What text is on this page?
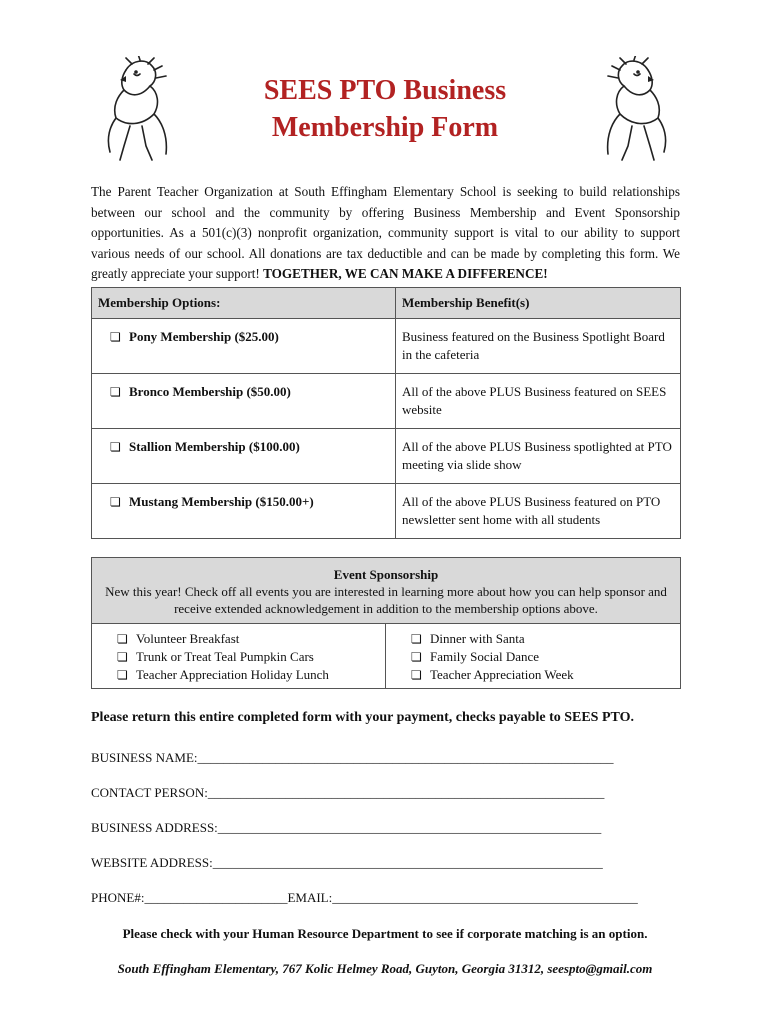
SEES PTO Business
Membership Form
The Parent Teacher Organization at South Effingham Elementary School is seeking to build relationships between our school and the community by offering Business Membership and Event Sponsorship opportunities. As a 501(c)(3) nonprofit organization, community support is vital to our ability to support various needs of our school. All donations are tax deductible and can be made by completing this form. We greatly appreciate your support! TOGETHER, WE CAN MAKE A DIFFERENCE!
Membership Options:	Membership Benefit(s)
❏ Pony Membership ($25.00)	Business featured on the Business Spotlight Board in the cafeteria
❏ Bronco Membership ($50.00)	All of the above PLUS Business featured on SEES website
❏ Stallion Membership ($100.00)	All of the above PLUS Business spotlighted at PTO meeting via slide show
❏ Mustang Membership ($150.00+)	All of the above PLUS Business featured on PTO newsletter sent home with all students
Event Sponsorship
New this year! Check off all events you are interested in learning more about how you can help sponsor and receive extended acknowledgement in addition to the membership options above.

❏ Volunteer Breakfast
❏ Trunk or Treat Teal Pumpkin Cars
❏ Teacher Appreciation Holiday Lunch

❏ Dinner with Santa
❏ Family Social Dance
❏ Teacher Appreciation Week
Please return this entire completed form with your payment, checks payable to SEES PTO.
BUSINESS NAME:________________________________________________________________
CONTACT PERSON:_____________________________________________________________
BUSINESS ADDRESS:___________________________________________________________
WEBSITE ADDRESS:____________________________________________________________
PHONE#:______________________EMAIL:_______________________________________________
Please check with your Human Resource Department to see if corporate matching is an option.
South Effingham Elementary, 767 Kolic Helmey Road, Guyton, Georgia 31312, seespto@gmail.com
